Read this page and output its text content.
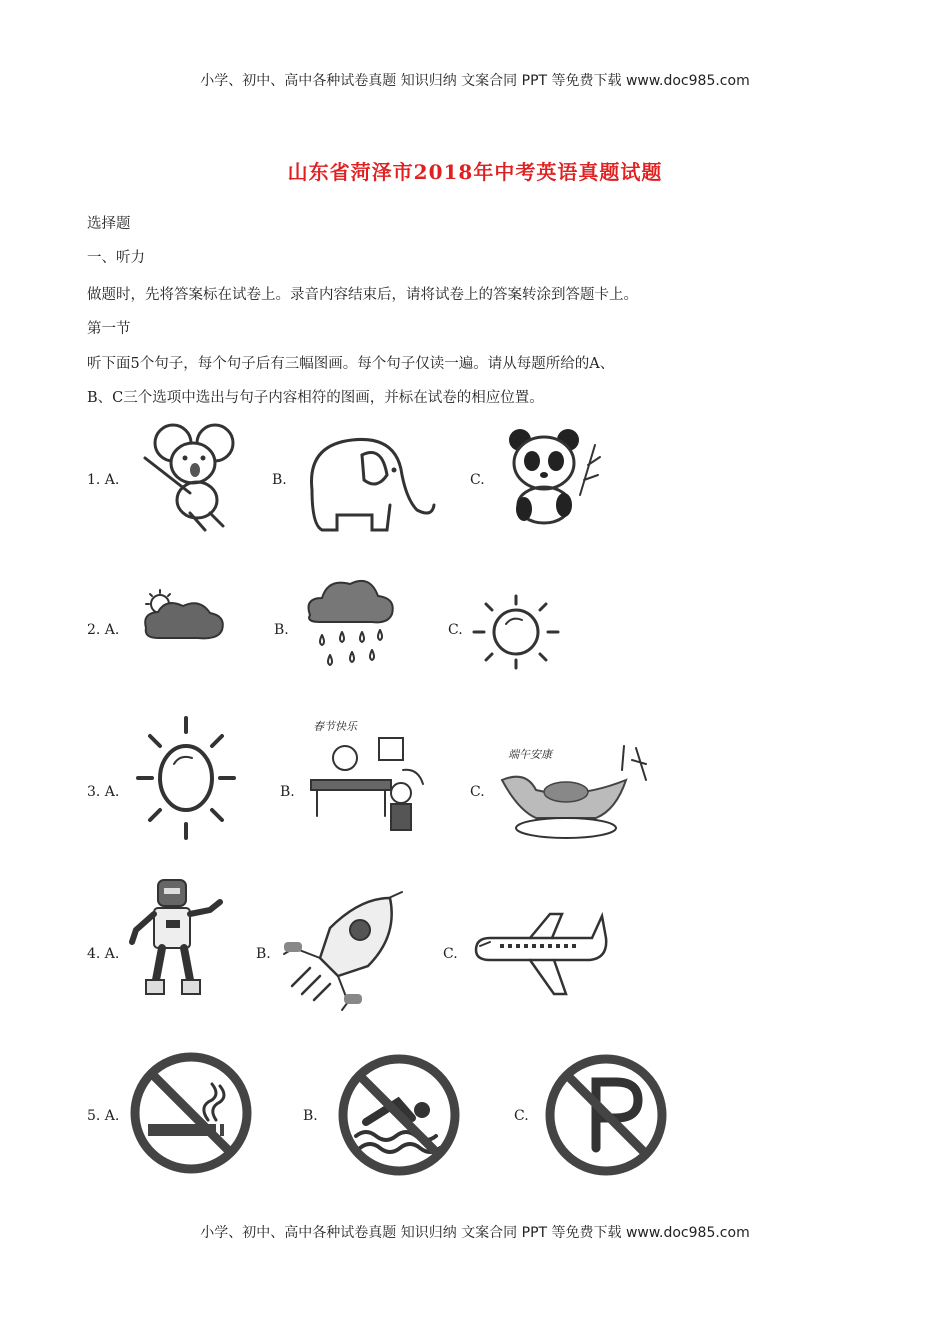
小学、初中、高中各种试卷真题 知识归纳 文案合同 PPT 等免费下载 www.doc985.com
山东省菏泽市2018年中考英语真题试题
选择题
一、听力
做题时，先将答案标在试卷上。录音内容结束后，请将试卷上的答案转涂到答题卡上。
第一节
听下面5个句子，每个句子后有三幅图画。每个句子仅读一遍。请从每题所给的A、
B、C三个选项中选出与句子内容相符的图画，并标在试卷的相应位置。
1. A.	B.	C.
2. A.	B.	C.
3. A.	B.	C.
春节快乐
端午安康
4. A.	B.	C.
5. A.	B.	C.
小学、初中、高中各种试卷真题 知识归纳 文案合同 PPT 等免费下载 www.doc985.com
